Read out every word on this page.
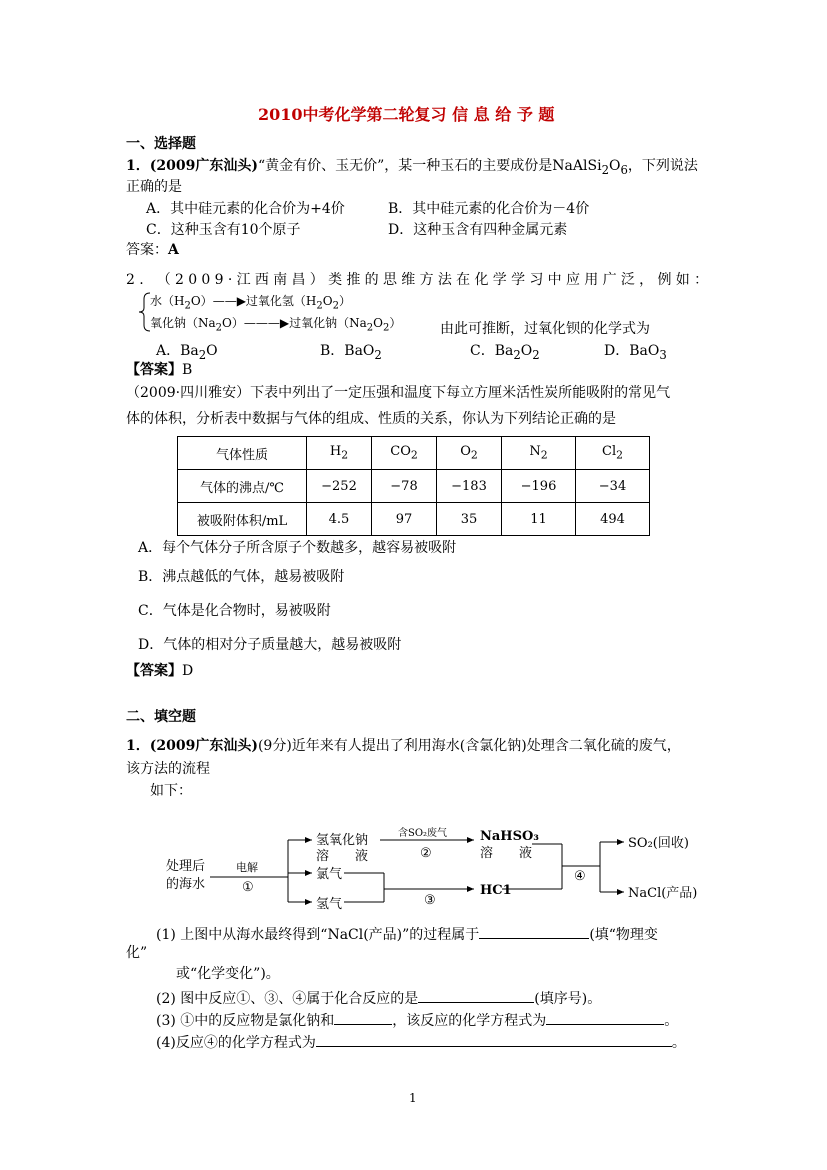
2010中考化学第二轮复习 信 息 给 予 题
一、选择题
1．(2009广东汕头)“黄金有价、玉无价”，某一种玉石的主要成份是$NaAlSi_2O_6$，下列说法
正确的是
A．其中硅元素的化合价为+4价	B．其中硅元素的化合价为－4价
C．这种玉含有10个原子	D．这种玉含有四种金属元素
答案：A
2. （2009·江西南昌）类推的思维方法在化学学习中应用广泛，例如：
水$(H_2O)——▶$过氧化氢$(H_2O_2)$
氧化钠$(Na_2O)———▶$过氧化钠$(Na_2O_2)$	由此可推断，过氧化钡的化学式为
A．$Ba_2O$	B．BaO$_2$	C．$Ba_2O_2$	D．BaO$_3$
【答案】B
（2009·四川雅安）下表中列出了一定压强和温度下每立方厘米活性炭所能吸附的常见气
体的体积，分析表中数据与气体的组成、性质的关系，你认为下列结论正确的是
气体性质	$H_2$	$CO_2$	$O_2$	$N_2$	$Cl_2$
气体的沸点/℃	−252	−78	−183	−196	−34
被吸附体积/mL	4.5	97	35	11	494
A．每个气体分子所含原子个数越多，越容易被吸附
B．沸点越低的气体，越易被吸附
C．气体是化合物时，易被吸附
D．气体的相对分子质量越大，越易被吸附
【答案】D
二、填空题
1．(2009广东汕头)(9分)近年来有人提出了利用海水(含氯化钠)处理含二氧化硫的废气，
该方法的流程
如下：
处理后
的海水
电解
①
氢氧化钠
溶　　液
含SO₂废气
②
NaHSO₃
溶　　液
氯气
氢气	③
HC1
④
SO₂(回收)
NaCl(产品)
(1) 上图中从海水最终得到“NaCl(产品)”的过程属于	(填“物理变
化”
或“化学变化”)。
(2) 图中反应①、③、④属于化合反应的是	(填序号)。
(3) ①中的反应物是氯化钠和	，该反应的化学方程式为	。
(4)反应④的化学方程式为	。
1
